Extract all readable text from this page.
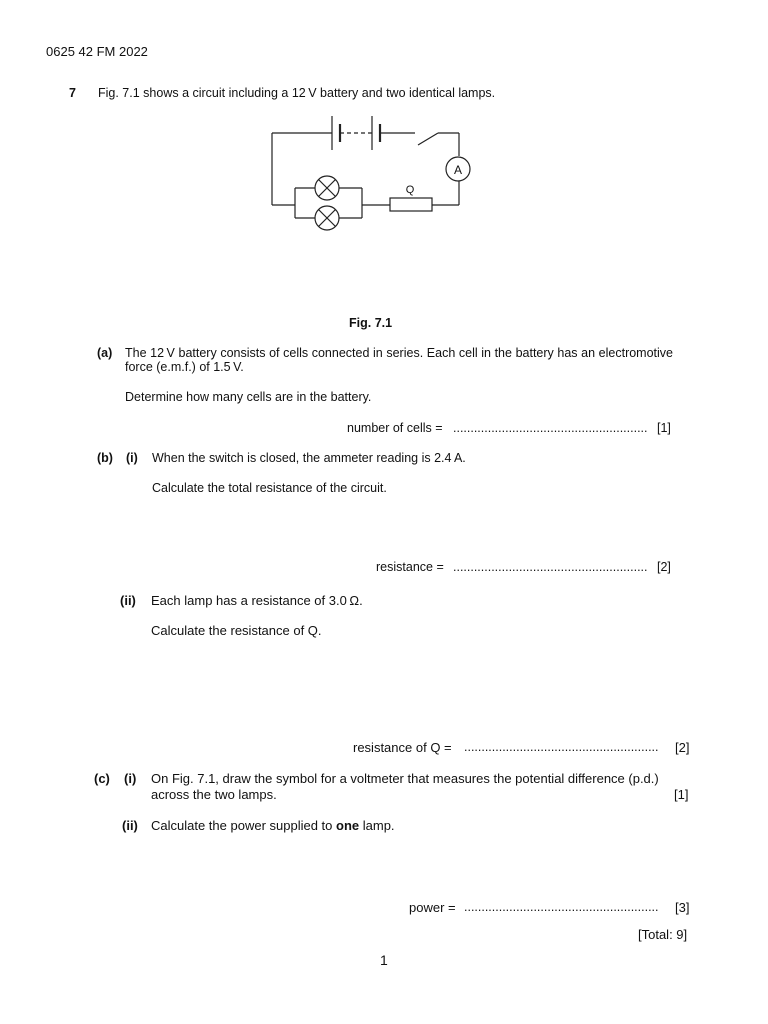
0625 42 FM 2022
7 Fig. 7.1 shows a circuit including a 12 V battery and two identical lamps.
A
Q
Fig. 7.1
(a) The 12 V battery consists of cells connected in series. Each cell in the battery has an electromotive force (e.m.f.) of 1.5 V.
Determine how many cells are in the battery.
number of cells = ........................................................ [1]
(b) (i) When the switch is closed, the ammeter reading is 2.4 A.
Calculate the total resistance of the circuit.
resistance = ........................................................ [2]
(ii) Each lamp has a resistance of 3.0 Ω.
Calculate the resistance of Q.
resistance of Q = ........................................................ [2]
(c) (i) On Fig. 7.1, draw the symbol for a voltmeter that measures the potential difference (p.d.)
across the two lamps.	[1]
(ii) Calculate the power supplied to one lamp.
power = ........................................................ [3]
[Total: 9]
1
